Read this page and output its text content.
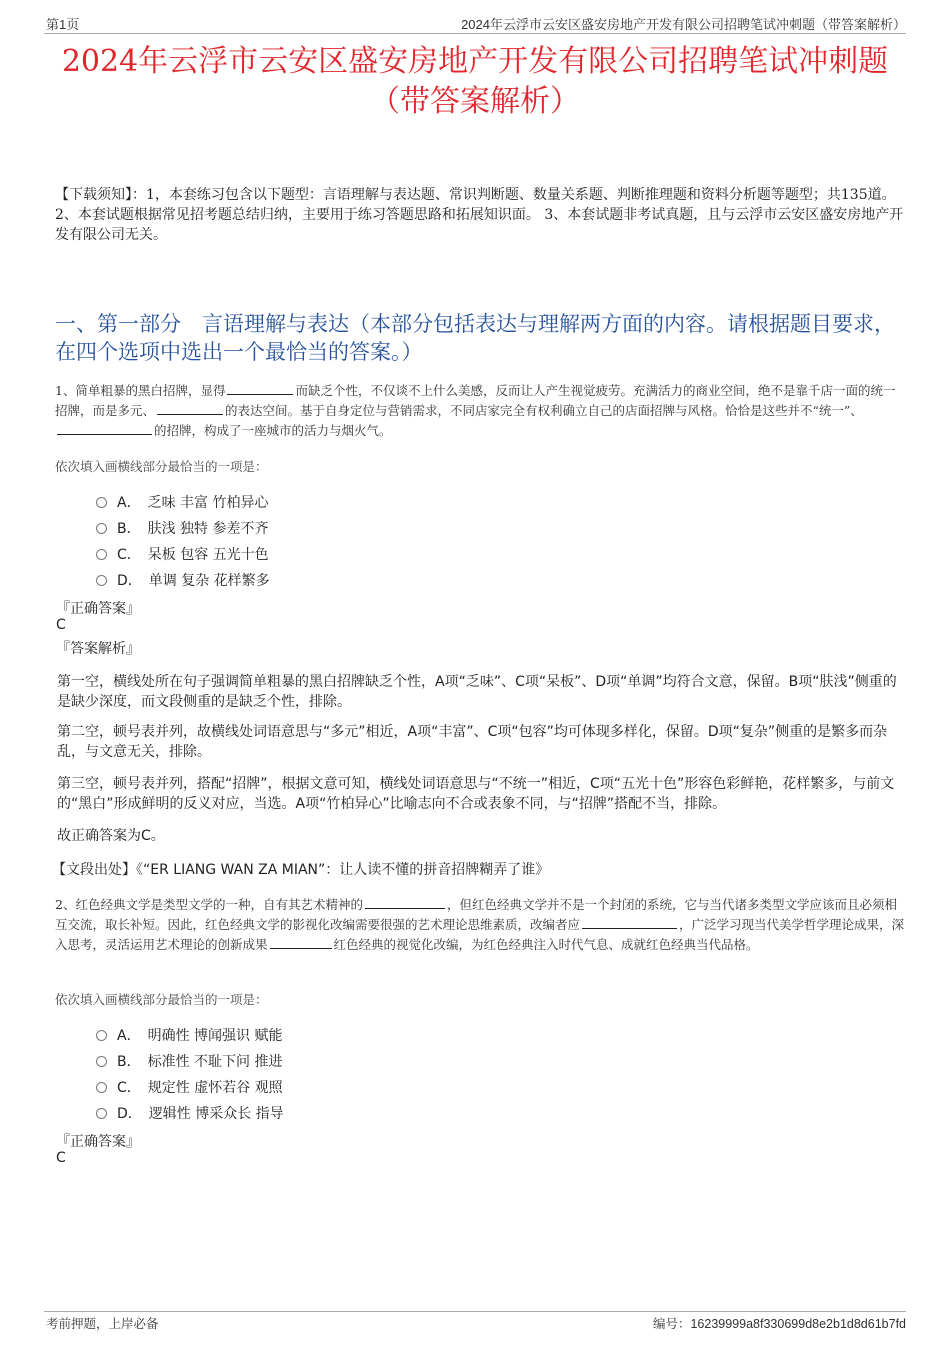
第1页	2024年云浮市云安区盛安房地产开发有限公司招聘笔试冲刺题（带答案解析）
2024年云浮市云安区盛安房地产开发有限公司招聘笔试冲刺题
（带答案解析）
【下载须知】：1，本套练习包含以下题型：言语理解与表达题、常识判断题、数量关系题、判断推理题和资料分析题等题型；共135道。 2、本套试题根据常见招考题总结归纳，主要用于练习答题思路和拓展知识面。 3、本套试题非考试真题，且与云浮市云安区盛安房地产开发有限公司无关。
一、第一部分　言语理解与表达（本部分包括表达与理解两方面的内容。请根据题目要求，在四个选项中选出一个最恰当的答案。）
1、简单粗暴的黑白招牌，显得	而缺乏个性，不仅谈不上什么美感，反而让人产生视觉疲劳。充满活力的商业空间，绝不是靠千店一面的统一招牌，而是多元、	的表达空间。基于自身定位与营销需求，不同店家完全有权利确立自己的店面招牌与风格。恰恰是这些并不“统一”、的招牌，构成了一座城市的活力与烟火气。
依次填入画横线部分最恰当的一项是：
A．　乏味 丰富 竹柏异心
B．　肤浅 独特 参差不齐
C．　呆板 包容 五光十色
D．　单调 复杂 花样繁多
『正确答案』
C
『答案解析』
第一空，横线处所在句子强调简单粗暴的黑白招牌缺乏个性，A项“乏味”、C项“呆板”、D项“单调”均符合文意，保留。B项“肤浅”侧重的是缺少深度，而文段侧重的是缺乏个性，排除。
第二空，顿号表并列，故横线处词语意思与“多元”相近，A项“丰富”、C项“包容”均可体现多样化，保留。D项“复杂”侧重的是繁多而杂乱，与文意无关，排除。
第三空，顿号表并列，搭配“招牌”，根据文意可知，横线处词语意思与“不统一”相近，C项“五光十色”形容色彩鲜艳，花样繁多，与前文的“黑白”形成鲜明的反义对应，当选。A项“竹柏异心”比喻志向不合或表象不同，与“招牌”搭配不当，排除。
故正确答案为C。
【文段出处】《“ER LIANG WAN ZA MIAN”：让人读不懂的拼音招牌糊弄了谁》
2、红色经典文学是类型文学的一种，自有其艺术精神的	，但红色经典文学并不是一个封闭的系统，它与当代诸多类型文学应该而且必须相互交流，取长补短。因此，红色经典文学的影视化改编需要很强的艺术理论思维素质，改编者应	，广泛学习现当代美学哲学理论成果，深入思考，灵活运用艺术理论的创新成果	红色经典的视觉化改编，为红色经典注入时代气息、成就红色经典当代品格。
依次填入画横线部分最恰当的一项是：
A．　明确性 博闻强识 赋能
B．　标准性 不耻下问 推进
C．　规定性 虚怀若谷 观照
D．　逻辑性 博采众长 指导
『正确答案』
C
考前押题，上岸必备	编号：16239999a8f330699d8e2b1d8d61b7fd
